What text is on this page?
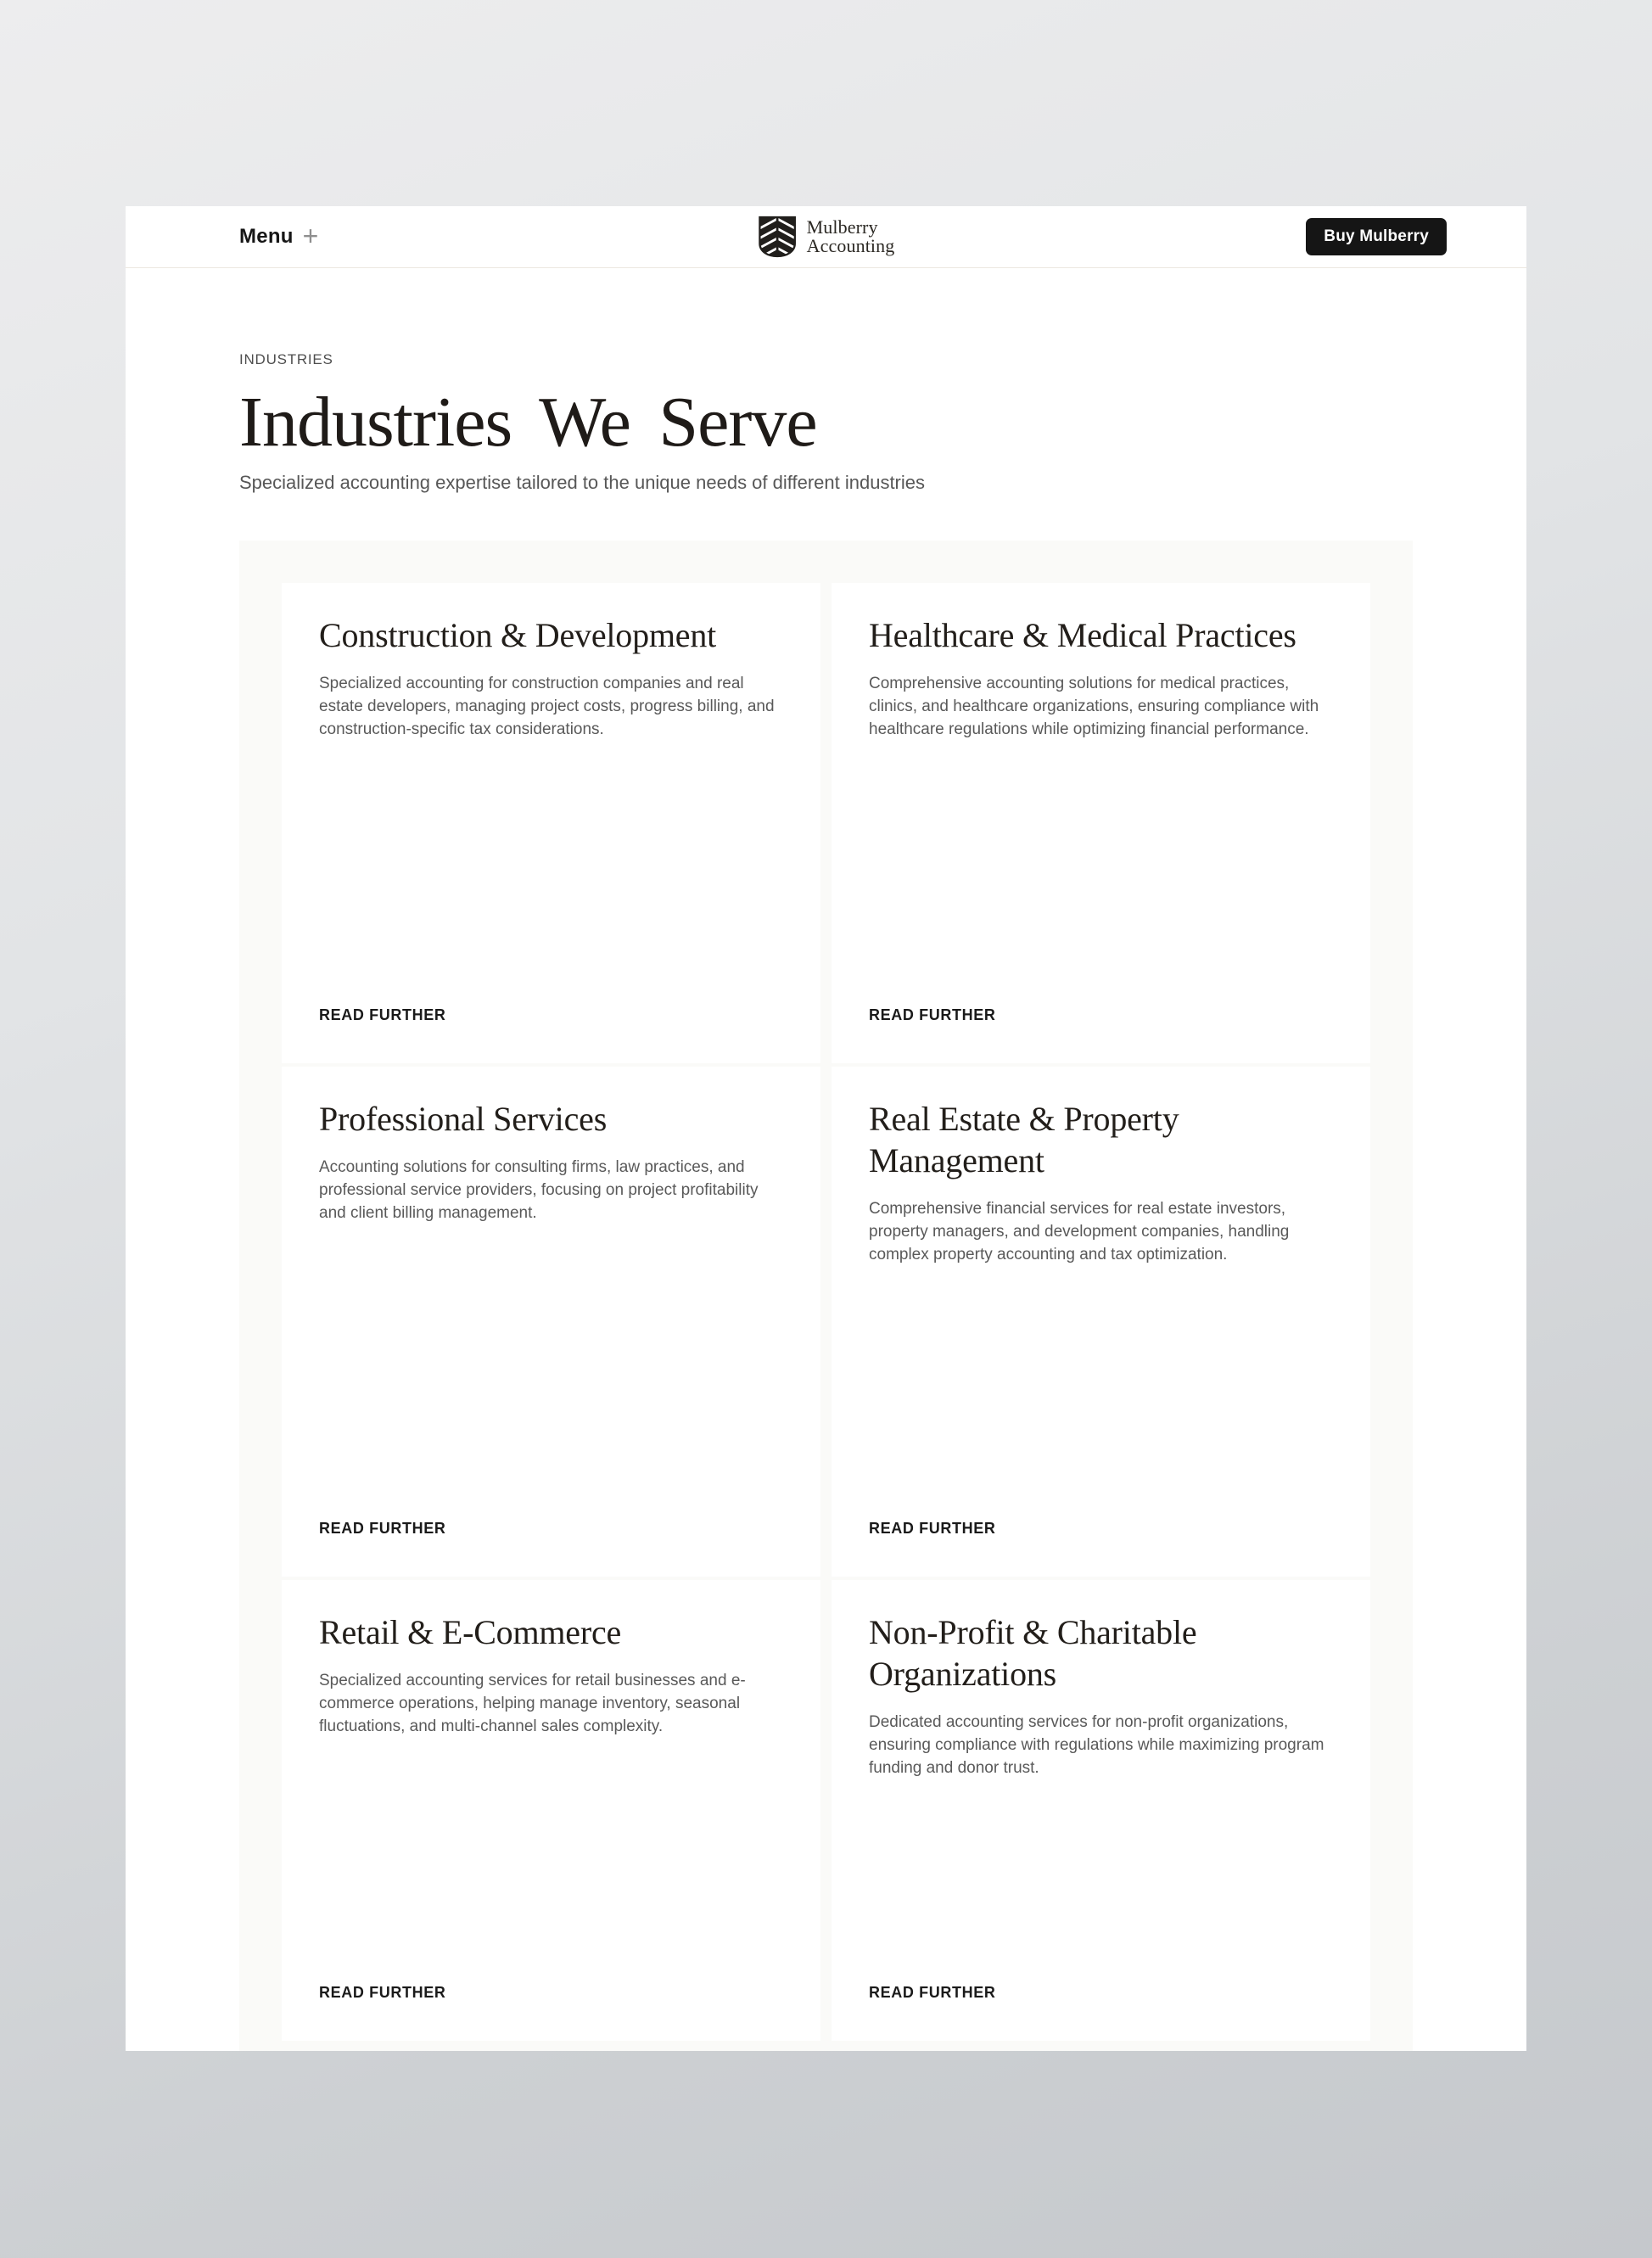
Menu +	Mulberry
Accounting	Buy Mulberry
INDUSTRIES
Industries We Serve

Specialized accounting expertise tailored to the unique needs of different industries

Construction & Development

Specialized accounting for construction companies and real estate developers, managing project costs, progress billing, and construction-specific tax considerations.

READ FURTHER
Healthcare & Medical Practices

Comprehensive accounting solutions for medical practices, clinics, and healthcare organizations, ensuring compliance with healthcare regulations while optimizing financial performance.

READ FURTHER
Professional Services

Accounting solutions for consulting firms, law practices, and professional service providers, focusing on project profitability and client billing management.

READ FURTHER
Real Estate & Property Management

Comprehensive financial services for real estate investors, property managers, and development companies, handling complex property accounting and tax optimization.

READ FURTHER
Retail & E-Commerce

Specialized accounting services for retail businesses and e-commerce operations, helping manage inventory, seasonal fluctuations, and multi-channel sales complexity.

READ FURTHER
Non-Profit & Charitable Organizations

Dedicated accounting services for non-profit organizations, ensuring compliance with regulations while maximizing program funding and donor trust.

READ FURTHER
